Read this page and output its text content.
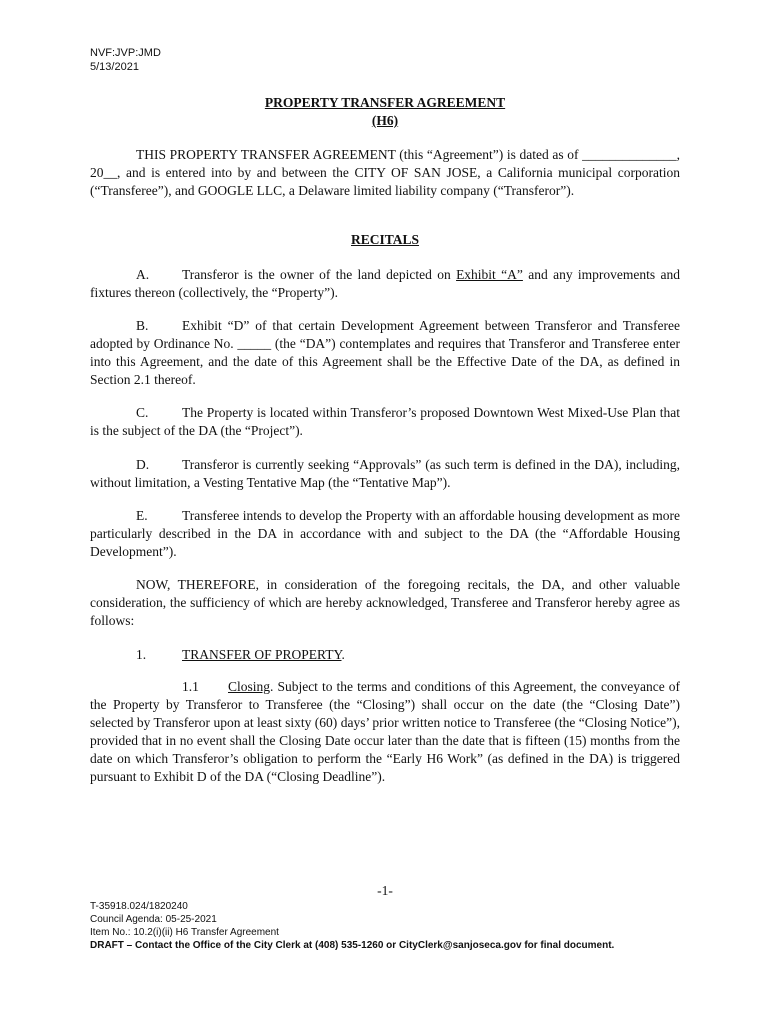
NVF:JVP:JMD
5/13/2021
PROPERTY TRANSFER AGREEMENT
(H6)
THIS PROPERTY TRANSFER AGREEMENT (this “Agreement”) is dated as of ______________, 20__, and is entered into by and between the CITY OF SAN JOSE, a California municipal corporation (“Transferee”), and GOOGLE LLC, a Delaware limited liability company (“Transferor”).
RECITALS
A. Transferor is the owner of the land depicted on Exhibit “A” and any improvements and fixtures thereon (collectively, the “Property”).
B. Exhibit “D” of that certain Development Agreement between Transferor and Transferee adopted by Ordinance No. _____ (the “DA”) contemplates and requires that Transferor and Transferee enter into this Agreement, and the date of this Agreement shall be the Effective Date of the DA, as defined in Section 2.1 thereof.
C. The Property is located within Transferor’s proposed Downtown West Mixed-Use Plan that is the subject of the DA (the “Project”).
D. Transferor is currently seeking “Approvals” (as such term is defined in the DA), including, without limitation, a Vesting Tentative Map (the “Tentative Map”).
E.	Transferee intends to develop the Property with an affordable housing development as more particularly described in the DA in accordance with and subject to the DA (the “Affordable Housing Development”).
NOW, THEREFORE, in consideration of the foregoing recitals, the DA, and other valuable consideration, the sufficiency of which are hereby acknowledged, Transferee and Transferor hereby agree as follows:
1.	TRANSFER OF PROPERTY.
1.1 Closing. Subject to the terms and conditions of this Agreement, the conveyance of the Property by Transferor to Transferee (the “Closing”) shall occur on the date (the “Closing Date”) selected by Transferor upon at least sixty (60) days’ prior written notice to Transferee (the “Closing Notice”), provided that in no event shall the Closing Date occur later than the date that is fifteen (15) months from the date on which Transferor’s obligation to perform the “Early H6 Work” (as defined in the DA) is triggered pursuant to Exhibit D of the DA (“Closing Deadline”).
-1-
T-35918.024/1820240
Council Agenda: 05-25-2021
Item No.: 10.2(i)(ii) H6 Transfer Agreement
DRAFT – Contact the Office of the City Clerk at (408) 535-1260 or CityClerk@sanjoseca.gov for final document.
